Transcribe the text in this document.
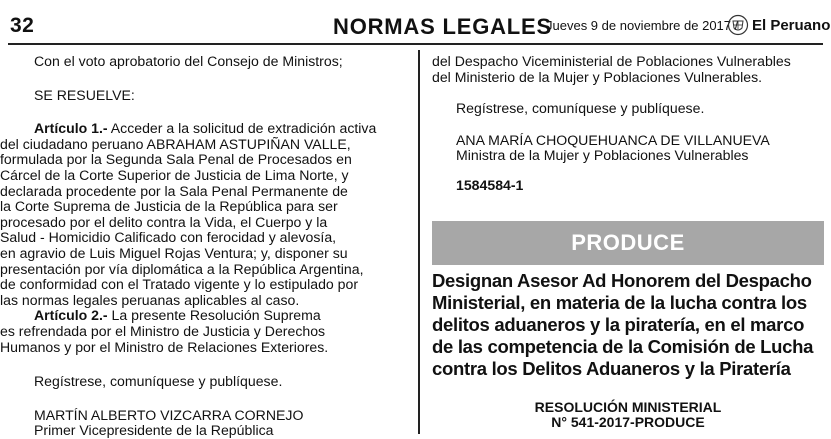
32	NORMAS LEGALES
Jueves 9 de noviembre de 2017 / El Peruano

Con el voto aprobatorio del Consejo de Ministros;

SE RESUELVE:

Artículo 1.- Acceder a la solicitud de extradición activa
del ciudadano peruano ABRAHAM ASTUPIÑAN VALLE,
formulada por la Segunda Sala Penal de Procesados en
Cárcel de la Corte Superior de Justicia de Lima Norte, y
declarada procedente por la Sala Penal Permanente de
la Corte Suprema de Justicia de la República para ser
procesado por el delito contra la Vida, el Cuerpo y la
Salud - Homicidio Calificado con ferocidad y alevosía,
en agravio de Luis Miguel Rojas Ventura; y, disponer su
presentación por vía diplomática a la República Argentina,
de conformidad con el Tratado vigente y lo estipulado por
las normas legales peruanas aplicables al caso.
Artículo 2.- La presente Resolución Suprema
es refrendada por el Ministro de Justicia y Derechos
Humanos y por el Ministro de Relaciones Exteriores.

Regístrese, comuníquese y publíquese.

MARTÍN ALBERTO VIZCARRA CORNEJO

Primer Vicepresidente de la República

del Despacho Viceministerial de Poblaciones Vulnerables
del Ministerio de la Mujer y Poblaciones Vulnerables.

Regístrese, comuníquese y publíquese.

ANA MARÍA CHOQUEHUANCA DE VILLANUEVA

Ministra de la Mujer y Poblaciones Vulnerables

1584584-1

PRODUCE
Designan Asesor Ad Honorem del Despacho
Ministerial, en materia de la lucha contra los
delitos aduaneros y la piratería, en el marco
de las competencia de la Comisión de Lucha
contra los Delitos Aduaneros y la Piratería
RESOLUCIÓN MINISTERIAL
N° 541-2017-PRODUCE
